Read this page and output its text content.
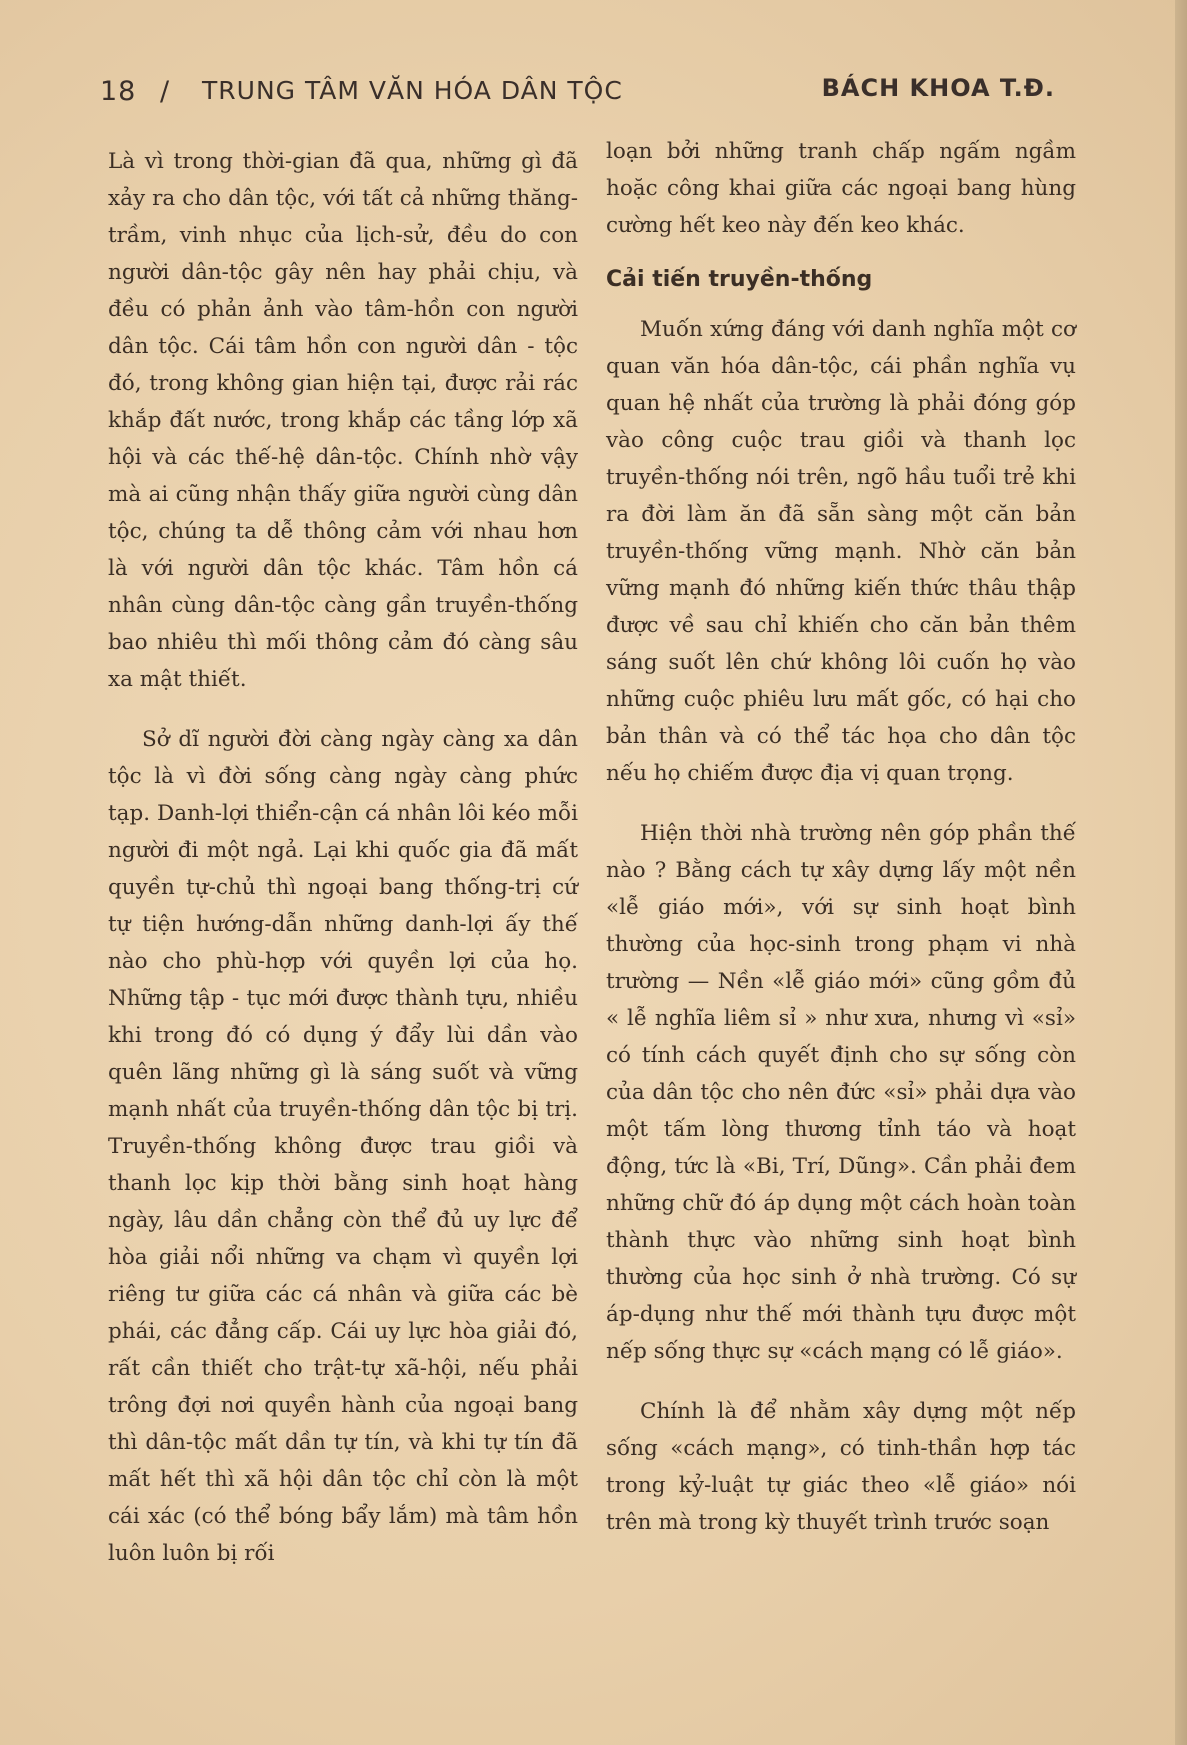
18 / TRUNG TÂM VĂN HÓA DÂN TỘC	BÁCH KHOA T.Đ.

Là vì trong thời-gian đã qua, những gì đã xảy ra cho dân tộc, với tất cả những thăng-trầm, vinh nhục của lịch-sử, đều do con người dân-tộc gây nên hay phải chịu, và đều có phản ảnh vào tâm-hồn con người dân tộc. Cái tâm hồn con người dân - tộc đó, trong không gian hiện tại, được rải rác khắp đất nước, trong khắp các tầng lớp xã hội và các thế-hệ dân-tộc. Chính nhờ vậy mà ai cũng nhận thấy giữa người cùng dân tộc, chúng ta dễ thông cảm với nhau hơn là với người dân tộc khác. Tâm hồn cá nhân cùng dân-tộc càng gần truyền-thống bao nhiêu thì mối thông cảm đó càng sâu xa mật thiết.

Sở dĩ người đời càng ngày càng xa dân tộc là vì đời sống càng ngày càng phức tạp. Danh-lợi thiển-cận cá nhân lôi kéo mỗi người đi một ngả. Lại khi quốc gia đã mất quyền tự-chủ thì ngoại bang thống-trị cứ tự tiện hướng-dẫn những danh-lợi ấy thế nào cho phù-hợp với quyền lợi của họ. Những tập - tục mới được thành tựu, nhiều khi trong đó có dụng ý đẩy lùi dần vào quên lãng những gì là sáng suốt và vững mạnh nhất của truyền-thống dân tộc bị trị. Truyền-thống không được trau giồi và thanh lọc kịp thời bằng sinh hoạt hàng ngày, lâu dần chẳng còn thể đủ uy lực để hòa giải nổi những va chạm vì quyền lợi riêng tư giữa các cá nhân và giữa các bè phái, các đẳng cấp. Cái uy lực hòa giải đó, rất cần thiết cho trật-tự xã-hội, nếu phải trông đợi nơi quyền hành của ngoại bang thì dân-tộc mất dần tự tín, và khi tự tín đã mất hết thì xã hội dân tộc chỉ còn là một cái xác (có thể bóng bẩy lắm) mà tâm hồn luôn luôn bị rối

loạn bởi những tranh chấp ngấm ngầm hoặc công khai giữa các ngoại bang hùng cường hết keo này đến keo khác.

Cải tiến truyền-thống

Muốn xứng đáng với danh nghĩa một cơ quan văn hóa dân-tộc, cái phần nghĩa vụ quan hệ nhất của trường là phải đóng góp vào công cuộc trau giồi và thanh lọc truyền-thống nói trên, ngõ hầu tuổi trẻ khi ra đời làm ăn đã sẵn sàng một căn bản truyền-thống vững mạnh. Nhờ căn bản vững mạnh đó những kiến thức thâu thập được về sau chỉ khiến cho căn bản thêm sáng suốt lên chứ không lôi cuốn họ vào những cuộc phiêu lưu mất gốc, có hại cho bản thân và có thể tác họa cho dân tộc nếu họ chiếm được địa vị quan trọng.

Hiện thời nhà trường nên góp phần thế nào ? Bằng cách tự xây dựng lấy một nền «lễ giáo mới», với sự sinh hoạt bình thường của học-sinh trong phạm vi nhà trường — Nền «lễ giáo mới» cũng gồm đủ « lễ nghĩa liêm sỉ » như xưa, nhưng vì «sỉ» có tính cách quyết định cho sự sống còn của dân tộc cho nên đức «sỉ» phải dựa vào một tấm lòng thương tỉnh táo và hoạt động, tức là «Bi, Trí, Dũng». Cần phải đem những chữ đó áp dụng một cách hoàn toàn thành thực vào những sinh hoạt bình thường của học sinh ở nhà trường. Có sự áp-dụng như thế mới thành tựu được một nếp sống thực sự «cách mạng có lễ giáo».

Chính là để nhằm xây dựng một nếp sống «cách mạng», có tinh-thần hợp tác trong kỷ-luật tự giác theo «lễ giáo» nói trên mà trong kỳ thuyết trình trước soạn
